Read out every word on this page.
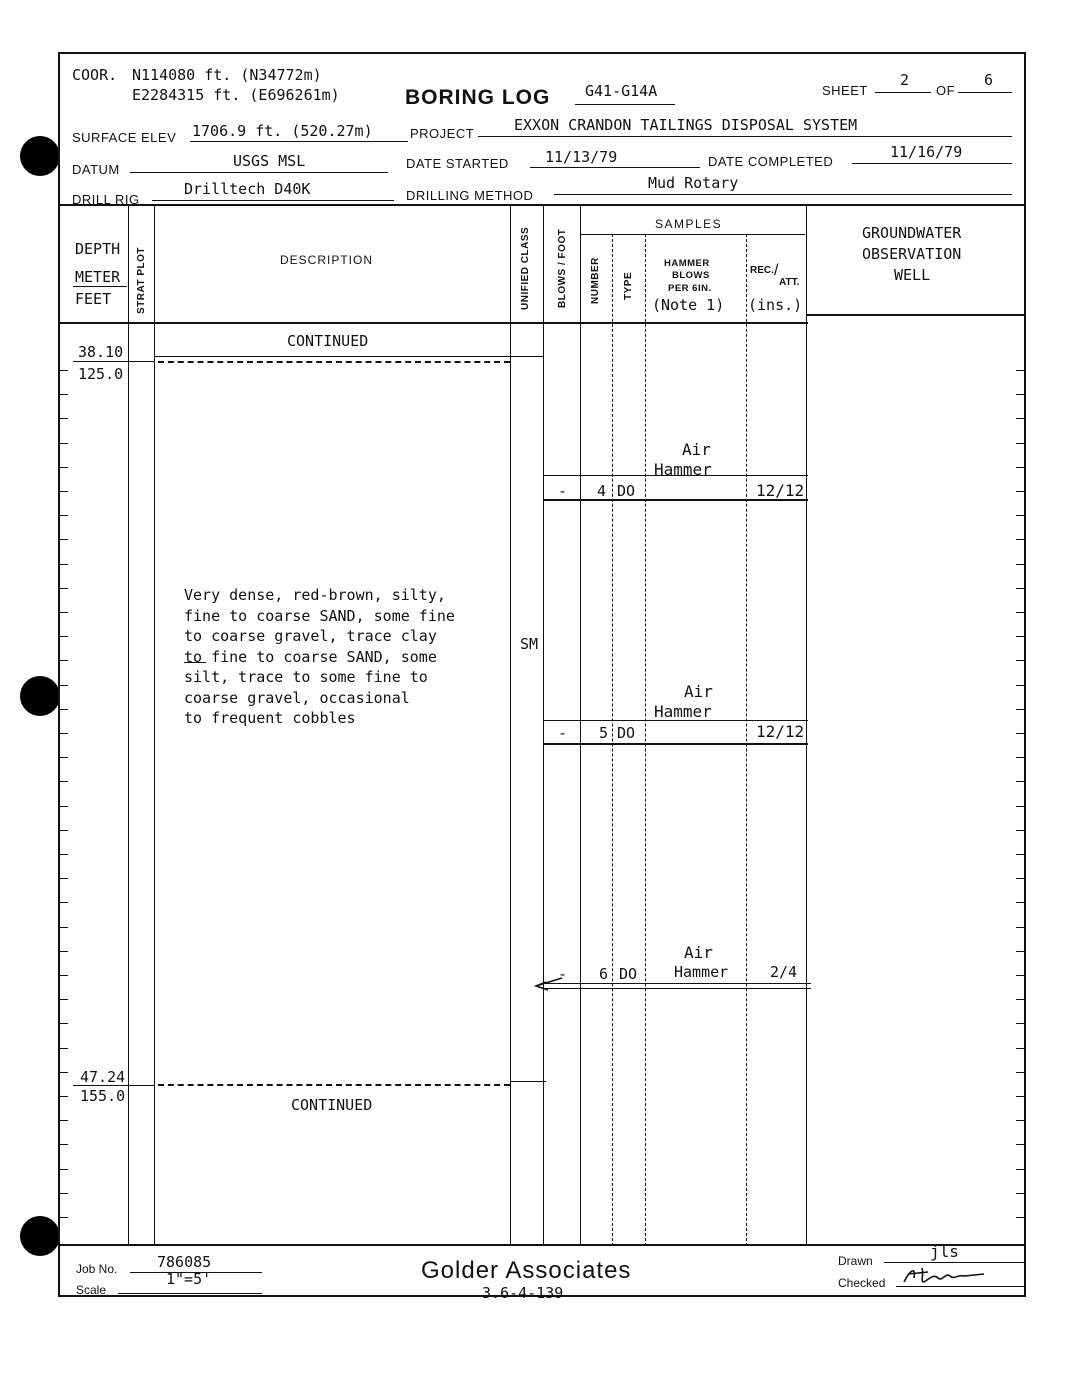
COOR. N114080 ft. (N34772m)
E2284315 ft. (E696261m)	BORING LOG G41-G14A	SHEET
2
OF
6
SURFACE ELEV 1706.9 ft. (520.27m)	PROJECT	EXXON CRANDON TAILINGS DISPOSAL SYSTEM
DATUM	USGS MSL	DATE STARTED 11/13/79	DATE COMPLETED
11/16/79
DRILL RIG
Drilltech D40K	DRILLING METHOD
Mud Rotary
DEPTH
METER
FEET STRAT PLOT	DESCRIPTION	UNIFIED CLASS	BLOWS / FOOT
SAMPLES
NUMBER TYPE
HAMMER
BLOWS
PER 6IN.
(Note 1)
REC. /
ATT.
(ins.)
GROUNDWATER
OBSERVATION
WELL
CONTINUED
38.10
125.0
Very dense, red-brown, silty,
fine to coarse SAND, some fine
to coarse gravel, trace clay
to fine to coarse SAND, some
silt, trace to some fine to
coarse gravel, occasional
to frequent cobbles
SM
Air
Hammer
- 4 DO	12/12
Air
Hammer
- 5 DO	12/12
Air
Hammer
- 6 DO	2/4
47.24
155.0	CONTINUED
Job No.	786085
Scale
1"=5'	Golder Associates
3.6-4-139
Drawn	jls
Checked
